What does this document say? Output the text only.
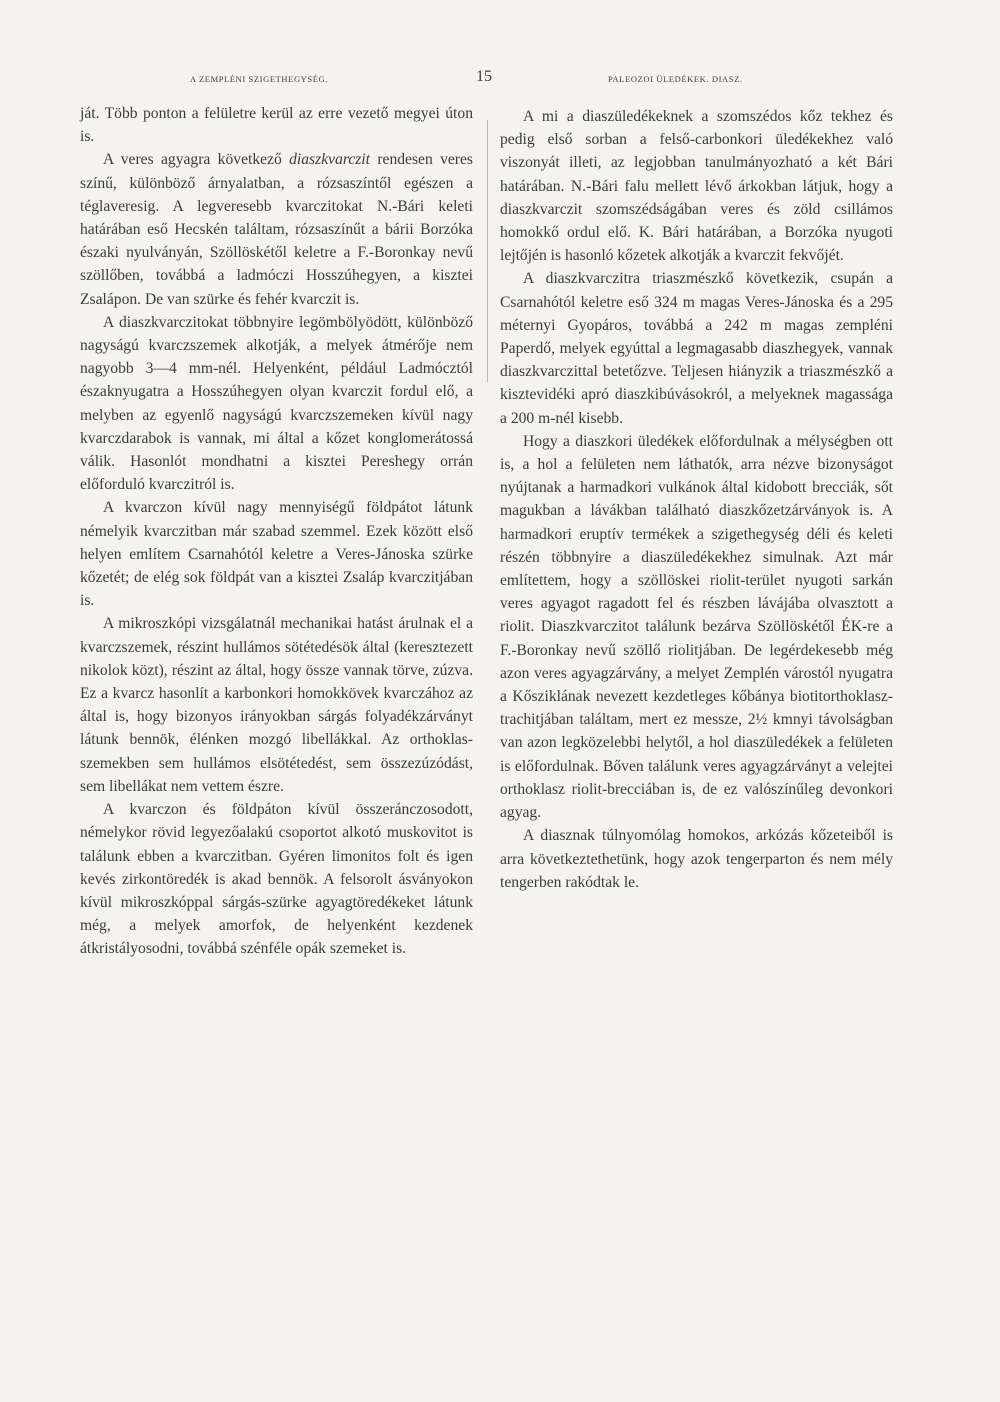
A ZEMPLÉNI SZIGETHEGYSÉG.	15	PALEOZOI ÜLEDÉKEK. DIASZ.

ját. Több ponton a felületre kerül az erre vezető megyei úton is.

A veres agyagra következő diaszkvarczit rendesen veres színű, különböző árnyalatban, a rózsaszíntől egészen a téglaveresig. A legveresebb kvarczitokat N.-Bári keleti határában eső Hecskén találtam, rózsaszínűt a bárii Borzóka északi nyulványán, Szöllöskétől keletre a F.-Boronkay nevű szöllőben, továbbá a ladmóczi Hosszúhegyen, a kisztei Zsalápon. De van szürke és fehér kvarczit is.

A diaszkvarczitokat többnyire legömbölyödött, különböző nagyságú kvarczszemek alkotják, a melyek átmérője nem nagyobb 3—4 mm-nél. Helyenként, például Ladmócztól északnyugatra a Hosszúhegyen olyan kvarczit fordul elő, a melyben az egyenlő nagyságú kvarczszemeken kívül nagy kvarczdarabok is vannak, mi által a kőzet konglomerátossá válik. Hasonlót mondhatni a kisztei Pereshegy orrán előforduló kvarczitról is.

A kvarczon kívül nagy mennyiségű földpátot látunk némelyik kvarczitban már szabad szemmel. Ezek között első helyen említem Csarnahótól keletre a Veres-Jánoska szürke kőzetét; de elég sok földpát van a kisztei Zsaláp kvarczitjában is.

A mikroszkópi vizsgálatnál mechanikai hatást árulnak el a kvarczszemek, részint hullámos sötétedésök által (keresztezett nikolok közt), részint az által, hogy össze vannak törve, zúzva. Ez a kvarcz hasonlít a karbonkori homokkövek kvarczához az által is, hogy bizonyos irányokban sárgás folyadékzárványt látunk bennök, élénken mozgó libellákkal. Az orthoklas-szemekben sem hullámos elsötétedést, sem összezúzódást, sem libellákat nem vettem észre.

A kvarczon és földpáton kívül összeránczosodott, némelykor rövid legyezőalakú csoportot alkotó muskovitot is találunk ebben a kvarczitban. Gyéren limonitos folt és igen kevés zirkontöredék is akad bennök. A felsorolt ásványokon kívül mikroszkóppal sárgás-szürke agyagtöredékeket látunk még, a melyek amorfok, de helyenként kezdenek átkristályosodni, továbbá szénféle opák szemeket is.

A mi a diaszüledékeknek a szomszédos kőz tekhez és pedig első sorban a felső-carbonkori üledékekhez való viszonyát illeti, az legjobban tanulmányozható a két Bári határában. N.-Bári falu mellett lévő árkokban látjuk, hogy a diaszkvarczit szomszédságában veres és zöld csillámos homokkő ordul elő. K. Bári határában, a Borzóka nyugoti lejtőjén is hasonló kőzetek alkotják a kvarczit fekvőjét.

A diaszkvarczitra triaszmészkő következik, csupán a Csarnahótól keletre eső 324 m magas Veres-Jánoska és a 295 méternyi Gyopáros, továbbá a 242 m magas zempléni Paperdő, melyek egyúttal a legmagasabb diaszhegyek, vannak diaszkvarczittal betetőzve. Teljesen hiányzik a triaszmészkő a kisztevidéki apró diaszkibúvásokról, a melyeknek magassága a 200 m-nél kisebb.

Hogy a diaszkori üledékek előfordulnak a mélységben ott is, a hol a felületen nem láthatók, arra nézve bizonyságot nyújtanak a harmadkori vulkánok által kidobott brecciák, sőt magukban a lávákban található diaszkőzetzárványok is. A harmadkori eruptív termékek a szigethegység déli és keleti részén többnyire a diaszüledékekhez simulnak. Azt már említettem, hogy a szöllöskei riolit-terület nyugoti sarkán veres agyagot ragadott fel és részben lávájába olvasztott a riolit. Diaszkvarczitot találunk bezárva Szöllöskétől ÉK-re a F.-Boronkay nevű szöllő riolitjában. De legérdekesebb még azon veres agyagzárvány, a melyet Zemplén várostól nyugatra a Kősziklának nevezett kezdetleges kőbánya biotitorthoklasz-trachitjában találtam, mert ez messze, 2½ kmnyi távolságban van azon legközelebbi helytől, a hol diaszüledékek a felületen is előfordulnak. Bőven találunk veres agyagzárványt a velejtei orthoklasz riolit-brecciában is, de ez valószínűleg devonkori agyag.

A diasznak túlnyomólag homokos, arkózás kőzeteiből is arra következtethetünk, hogy azok tengerparton és nem mély tengerben rakódtak le.
